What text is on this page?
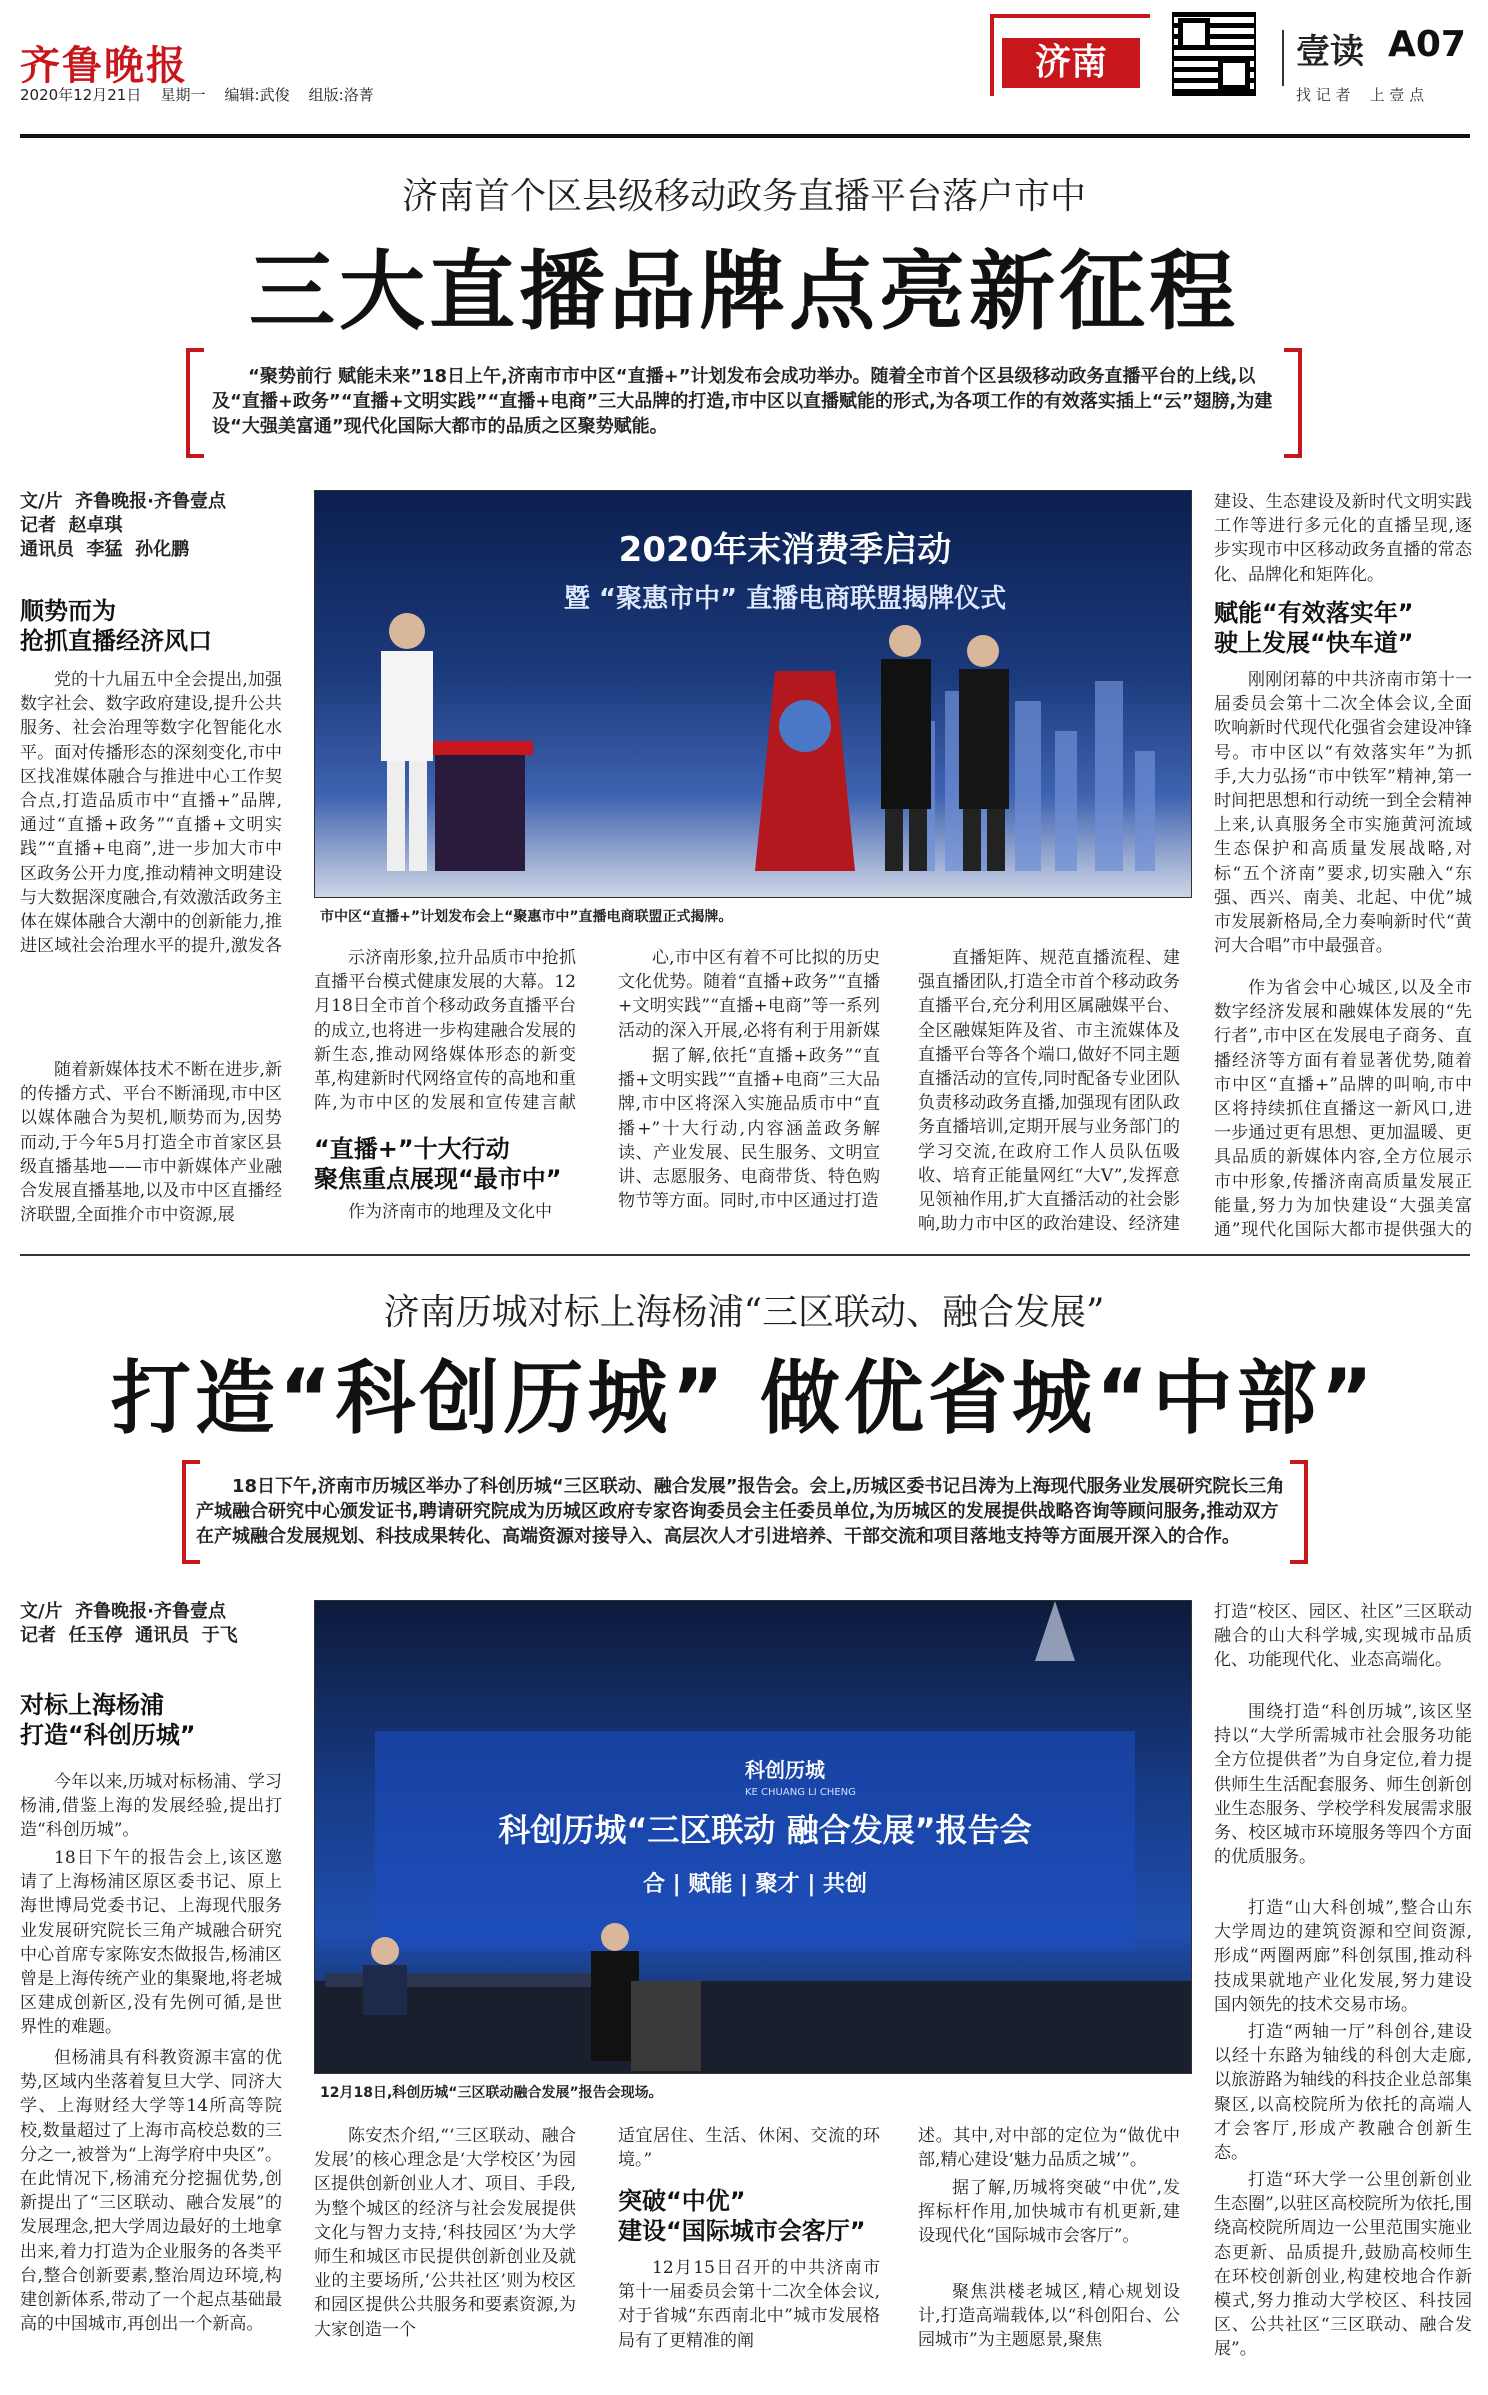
齐鲁晚报
2020年12月21日 星期一 编辑:武俊 组版:洛菁
济南	壹读 A07
找 记 者    上 壹 点
济南首个区县级移动政务直播平台落户市中
三大直播品牌点亮新征程
“聚势前行 赋能未来”18日上午,济南市市中区“直播+”计划发布会成功举办。随着全市首个区县级移动政务直播平台的上线,以及“直播+政务”“直播+文明实践”“直播+电商”三大品牌的打造,市中区以直播赋能的形式,为各项工作的有效落实插上“云”翅膀,为建设“大强美富通”现代化国际大都市的品质之区聚势赋能。
文/片  齐鲁晚报·齐鲁壹点
记者  赵卓琪
通讯员  李猛  孙化鹏
顺势而为
抢抓直播经济风口
党的十九届五中全会提出,加强数字社会、数字政府建设,提升公共服务、社会治理等数字化智能化水平。面对传播形态的深刻变化,市中区找准媒体融合与推进中心工作契合点,打造品质市中“直播+”品牌,通过“直播+政务”“直播+文明实践”“直播+电商”,进一步加大市中区政务公开力度,推动精神文明建设与大数据深度融合,有效激活政务主体在媒体融合大潮中的创新能力,推进区域社会治理水平的提升,激发各
随着新媒体技术不断在进步,新的传播方式、平台不断涌现,市中区以媒体融合为契机,顺势而为,因势而动,于今年5月打造全市首家区县级直播基地——市中新媒体产业融合发展直播基地,以及市中区直播经济联盟,全面推介市中资源,展
2020年末消费季启动
暨 “聚惠市中” 直播电商联盟揭牌仪式
市中区“直播+”计划发布会上“聚惠市中”直播电商联盟正式揭牌。
示济南形象,拉升品质市中抢抓直播平台模式健康发展的大幕。12月18日全市首个移动政务直播平台的成立,也将进一步构建融合发展的新生态,推动网络媒体形态的新变革,构建新时代网络宣传的高地和重阵,为市中区的发展和宣传建言献
“直播+”十大行动
聚焦重点展现“最市中”
作为济南市的地理及文化中
心,市中区有着不可比拟的历史文化优势。随着“直播+政务”“直播+文明实践”“直播+电商”等一系列活动的深入开展,必将有利于用新媒
据了解,依托“直播+政务”“直播+文明实践”“直播+电商”三大品牌,市中区将深入实施品质市中“直播+”十大行动,内容涵盖政务解读、产业发展、民生服务、文明宣讲、志愿服务、电商带货、特色购物节等方面。同时,市中区通过打造
直播矩阵、规范直播流程、建强直播团队,打造全市首个移动政务直播平台,充分利用区属融媒平台、全区融媒矩阵及省、市主流媒体及直播平台等各个端口,做好不同主题直播活动的宣传,同时配备专业团队负责移动政务直播,加强现有团队政务直播培训,定期开展与业务部门的学习交流,在政府工作人员队伍吸收、培育正能量网红“大V”,发挥意见领袖作用,扩大直播活动的社会影响,助力市中区的政治建设、经济建
建设、生态建设及新时代文明实践工作等进行多元化的直播呈现,逐步实现市中区移动政务直播的常态化、品牌化和矩阵化。
赋能“有效落实年”
驶上发展“快车道”
刚刚闭幕的中共济南市第十一届委员会第十二次全体会议,全面吹响新时代现代化强省会建设冲锋号。市中区以“有效落实年”为抓手,大力弘扬“市中铁军”精神,第一时间把思想和行动统一到全会精神上来,认真服务全市实施黄河流域生态保护和高质量发展战略,对标“五个济南”要求,切实融入“东强、西兴、南美、北起、中优”城市发展新格局,全力奏响新时代“黄河大合唱”市中最强音。
作为省会中心城区,以及全市数字经济发展和融媒体发展的“先行者”,市中区在发展电子商务、直播经济等方面有着显著优势,随着市中区“直播+”品牌的叫响,市中区将持续抓住直播这一新风口,进一步通过更有思想、更加温暖、更具品质的新媒体内容,全方位展示市中形象,传播济南高质量发展正能量,努力为加快建设“大强美富通”现代化国际大都市提供强大的
济南历城对标上海杨浦“三区联动、融合发展”
打造“科创历城” 做优省城“中部”
18日下午,济南市历城区举办了科创历城“三区联动、融合发展”报告会。会上,历城区委书记吕涛为上海现代服务业发展研究院长三角产城融合研究中心颁发证书,聘请研究院成为历城区政府专家咨询委员会主任委员单位,为历城区的发展提供战略咨询等顾问服务,推动双方在产城融合发展规划、科技成果转化、高端资源对接导入、高层次人才引进培养、干部交流和项目落地支持等方面展开深入的合作。
文/片  齐鲁晚报·齐鲁壹点
记者  任玉停  通讯员  于飞
对标上海杨浦
打造“科创历城”
今年以来,历城对标杨浦、学习杨浦,借鉴上海的发展经验,提出打造“科创历城”。
18日下午的报告会上,该区邀请了上海杨浦区原区委书记、原上海世博局党委书记、上海现代服务业发展研究院长三角产城融合研究中心首席专家陈安杰做报告,杨浦区曾是上海传统产业的集聚地,将老城区建成创新区,没有先例可循,是世界性的难题。
但杨浦具有科教资源丰富的优势,区域内坐落着复旦大学、同济大学、上海财经大学等14所高等院校,数量超过了上海市高校总数的三分之一,被誉为“上海学府中央区”。在此情况下,杨浦充分挖掘优势,创新提出了“三区联动、融合发展”的发展理念,把大学周边最好的土地拿出来,着力打造为企业服务的各类平台,整合创新要素,整治周边环境,构建创新体系,带动了一个起点基础最高的中国城市,再创出一个新高。
科创历城
KE CHUANG LI CHENG
科创历城“三区联动 融合发展”报告会
合 | 赋能 | 聚才 | 共创
12月18日,科创历城“三区联动融合发展”报告会现场。
陈安杰介绍,“‘三区联动、融合发展’的核心理念是‘大学校区’为园区提供创新创业人才、项目、手段,为整个城区的经济与社会发展提供文化与智力支持,‘科技园区’为大学师生和城区市民提供创新创业及就业的主要场所,‘公共社区’则为校区和园区提供公共服务和要素资源,为大家创造一个
适宜居住、生活、休闲、交流的环境。”
突破“中优”
建设“国际城市会客厅”
12月15日召开的中共济南市第十一届委员会第十二次全体会议,对于省城“东西南北中”城市发展格局有了更精准的阐
述。其中,对中部的定位为“做优中部,精心建设‘魅力品质之城’”。
据了解,历城将突破“中优”,发挥标杆作用,加快城市有机更新,建设现代化“国际城市会客厅”。
聚焦洪楼老城区,精心规划设计,打造高端载体,以“科创阳台、公园城市”为主题愿景,聚焦
打造“校区、园区、社区”三区联动融合的山大科学城,实现城市品质化、功能现代化、业态高端化。
围绕打造“科创历城”,该区坚持以“大学所需城市社会服务功能全方位提供者”为自身定位,着力提供师生生活配套服务、师生创新创业生态服务、学校学科发展需求服务、校区城市环境服务等四个方面的优质服务。
打造“山大科创城”,整合山东大学周边的建筑资源和空间资源,形成“两圈两廊”科创氛围,推动科技成果就地产业化发展,努力建设国内领先的技术交易市场。
打造“两轴一厅”科创谷,建设以经十东路为轴线的科创大走廊,以旅游路为轴线的科技企业总部集聚区,以高校院所为依托的高端人才会客厅,形成产教融合创新生态。
打造“环大学一公里创新创业生态圈”,以驻区高校院所为依托,围绕高校院所周边一公里范围实施业态更新、品质提升,鼓励高校师生在环校创新创业,构建校地合作新模式,努力推动大学校区、科技园区、公共社区“三区联动、融合发展”。
